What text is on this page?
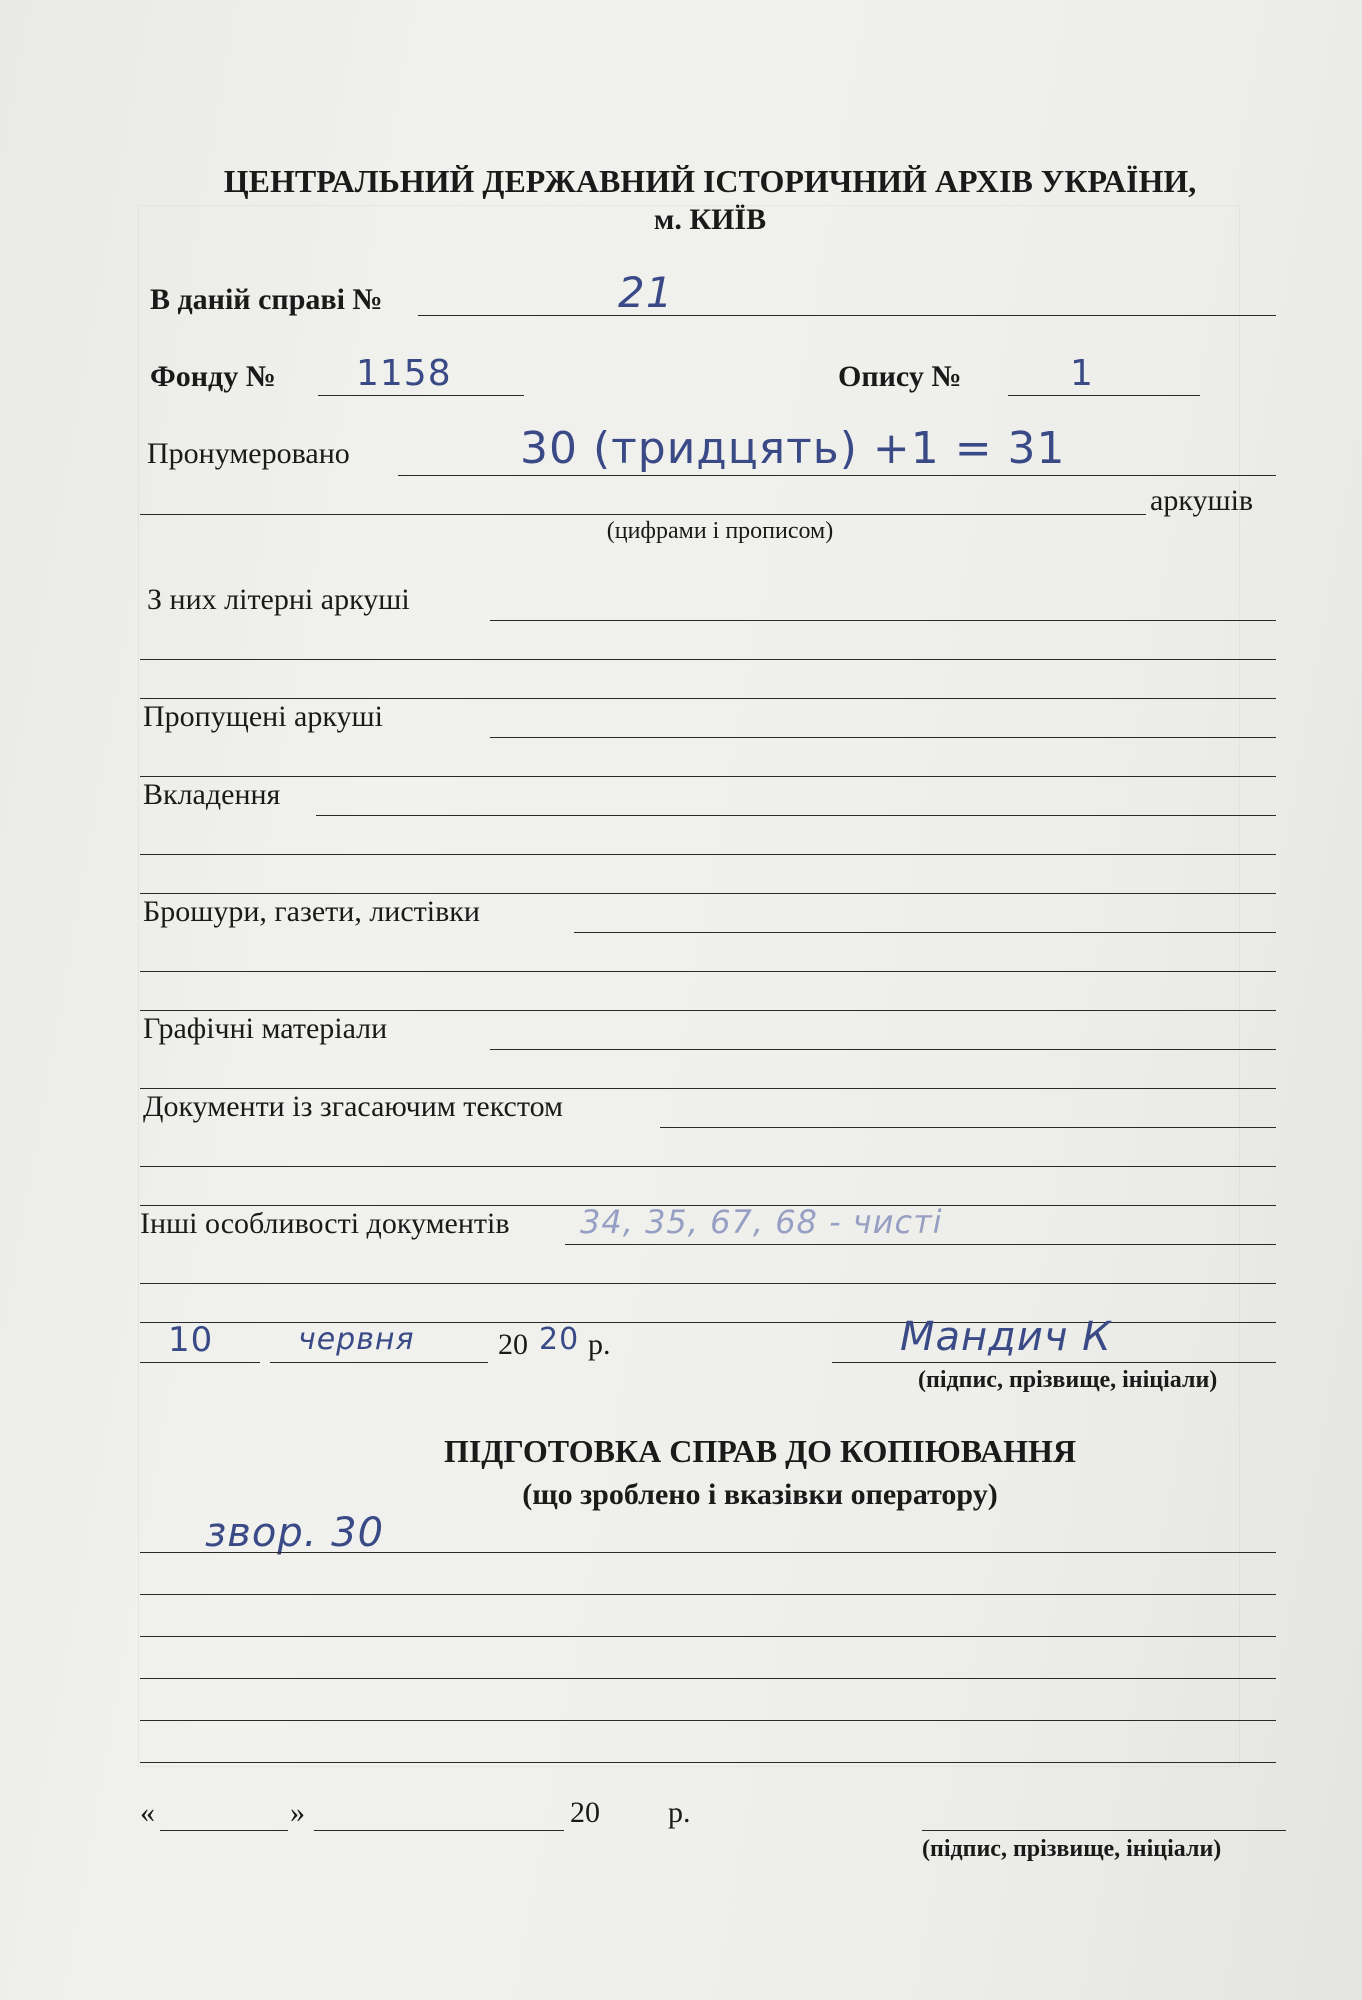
ЦЕНТРАЛЬНИЙ ДЕРЖАВНИЙ ІСТОРИЧНИЙ АРХІВ УКРАЇНИ,
м. КИЇВ
В даній справі №	21
Фонду № 1158	Опису №	1
Пронумеровано	30 (тридцять) +1 = 31
аркушів
(цифрами і прописом)
З них літерні аркуші
Пропущені аркуші
Вкладення
Брошури, газети, листівки
Графічні матеріали
Документи із згасаючим текстом
Інші особливості документів 34, 35, 67, 68 - чисті
10	червня	20 20 р.	Мандич К
(підпис, прізвище, ініціали)
ПІДГОТОВКА СПРАВ ДО КОПІЮВАННЯ
(що зроблено і вказівки оператору)
звор. 30
«	»	20 р.
(підпис, прізвище, ініціали)
